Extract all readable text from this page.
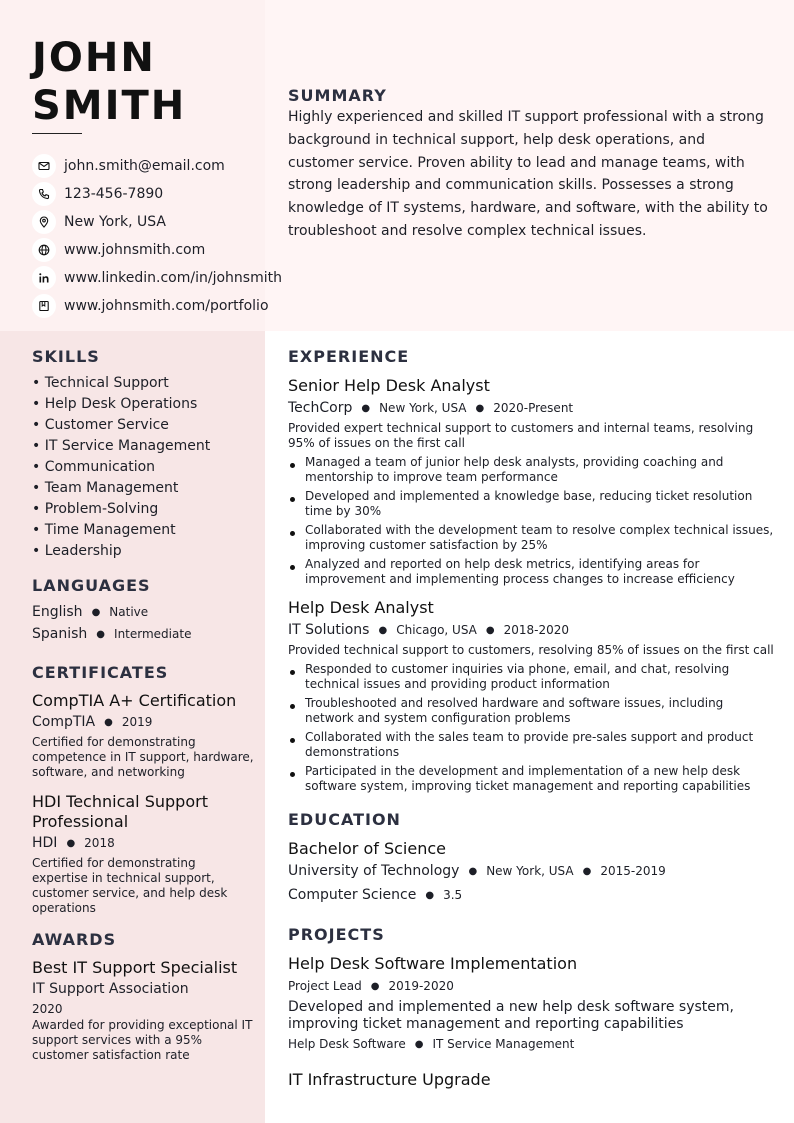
JOHN
SMITH
john.smith@email.com
123-456-7890
New York, USA
www.johnsmith.com
www.linkedin.com/in/johnsmith
www.johnsmith.com/portfolio
SUMMARY
Highly experienced and skilled IT support professional with a strong background in technical support, help desk operations, and customer service. Proven ability to lead and manage teams, with strong leadership and communication skills. Possesses a strong knowledge of IT systems, hardware, and software, with the ability to troubleshoot and resolve complex technical issues.
SKILLS
• Technical Support
• Help Desk Operations
• Customer Service
• IT Service Management
• Communication
• Team Management
• Problem-Solving
• Time Management
• Leadership
LANGUAGES
English ● Native
Spanish ● Intermediate
CERTIFICATES
CompTIA A+ Certification
CompTIA ● 2019
Certified for demonstrating competence in IT support, hardware, software, and networking
HDI Technical Support Professional
HDI ● 2018
Certified for demonstrating expertise in technical support, customer service, and help desk operations
AWARDS
Best IT Support Specialist
IT Support Association
2020
Awarded for providing exceptional IT support services with a 95% customer satisfaction rate
EXPERIENCE
Senior Help Desk Analyst
TechCorp ● New York, USA ● 2020-Present
Provided expert technical support to customers and internal teams, resolving 95% of issues on the first call
Managed a team of junior help desk analysts, providing coaching and mentorship to improve team performance
Developed and implemented a knowledge base, reducing ticket resolution time by 30%
Collaborated with the development team to resolve complex technical issues, improving customer satisfaction by 25%
Analyzed and reported on help desk metrics, identifying areas for improvement and implementing process changes to increase efficiency
Help Desk Analyst
IT Solutions ● Chicago, USA ● 2018-2020
Provided technical support to customers, resolving 85% of issues on the first call
Responded to customer inquiries via phone, email, and chat, resolving technical issues and providing product information
Troubleshooted and resolved hardware and software issues, including network and system configuration problems
Collaborated with the sales team to provide pre-sales support and product demonstrations
Participated in the development and implementation of a new help desk software system, improving ticket management and reporting capabilities
EDUCATION
Bachelor of Science
University of Technology ● New York, USA ● 2015-2019
Computer Science ● 3.5
PROJECTS
Help Desk Software Implementation
Project Lead ● 2019-2020
Developed and implemented a new help desk software system, improving ticket management and reporting capabilities
Help Desk Software ● IT Service Management
IT Infrastructure Upgrade
